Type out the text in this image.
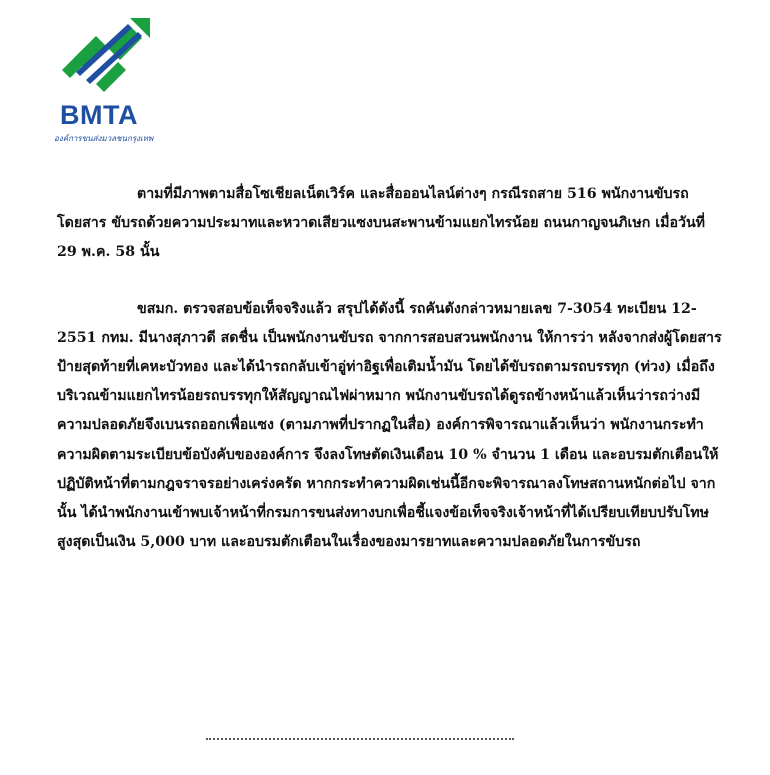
BMTA
องค์การขนส่งมวลชนกรุงเทพ

ตามที่มีภาพตามสื่อโซเชียลเน็ตเวิร์ค และสื่อออนไลน์ต่างๆ กรณีรถสาย 516 พนักงานขับรถโดยสาร ขับรถด้วยความประมาทและหวาดเสียวแซงบนสะพานข้ามแยกไทรน้อย ถนนกาญจนภิเษก เมื่อวันที่ 29 พ.ค. 58 นั้น

ขสมก. ตรวจสอบข้อเท็จจริงแล้ว สรุปได้ดังนี้ รถคันดังกล่าวหมายเลข 7-3054 ทะเบียน 12-2551 กทม. มีนางสุภาวดี สดชื่น เป็นพนักงานขับรถ จากการสอบสวนพนักงาน ให้การว่า หลังจากส่งผู้โดยสารป้ายสุดท้ายที่เคหะบัวทอง และได้นำรถกลับเข้าอู่ท่าอิฐเพื่อเติมน้ำมัน โดยได้ขับรถตามรถบรรทุก (ท่วง) เมื่อถึงบริเวณข้ามแยกไทรน้อยรถบรรทุกให้สัญญาณไฟผ่าหมาก พนักงานขับรถได้ดูรถข้างหน้าแล้วเห็นว่ารถว่างมีความปลอดภัยจึงเบนรถออกเพื่อแซง (ตามภาพที่ปรากฏในสื่อ) องค์การพิจารณาแล้วเห็นว่า พนักงานกระทำความผิดตามระเบียบข้อบังคับขององค์การ จึงลงโทษตัดเงินเดือน 10 % จำนวน 1 เดือน และอบรมตักเตือนให้ปฏิบัติหน้าที่ตามกฎจราจรอย่างเคร่งครัด หากกระทำความผิดเช่นนี้อีกจะพิจารณาลงโทษสถานหนักต่อไป จากนั้น ได้นำพนักงานเข้าพบเจ้าหน้าที่กรมการขนส่งทางบกเพื่อชี้แจงข้อเท็จจริงเจ้าหน้าที่ได้เปรียบเทียบปรับโทษสูงสุดเป็นเงิน 5,000 บาท และอบรมตักเตือนในเรื่องของมารยาทและความปลอดภัยในการขับรถ
